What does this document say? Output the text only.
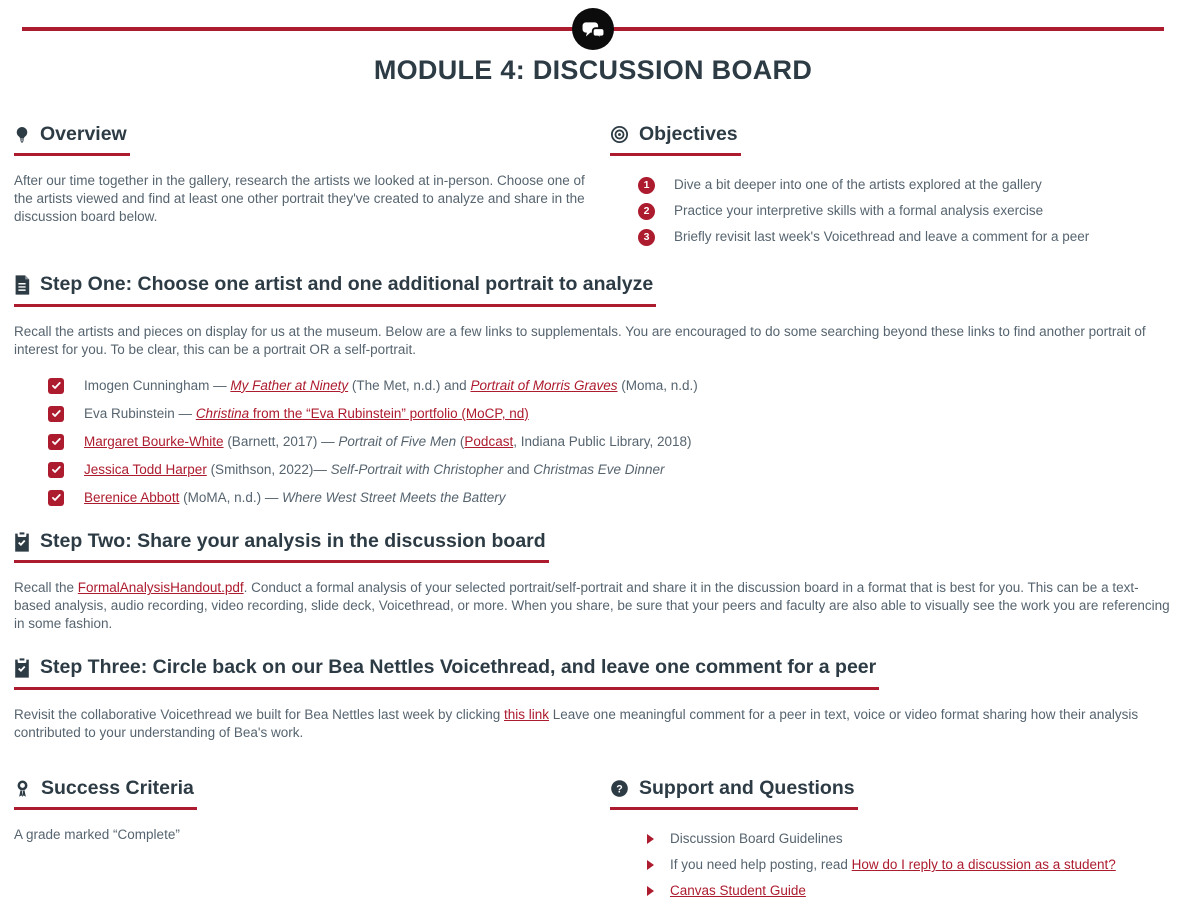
MODULE 4: DISCUSSION BOARD
Overview

After our time together in the gallery, research the artists we looked at in-person. Choose one of the artists viewed and find at least one other portrait they've created to analyze and share in the discussion board below.

Objectives
1	Dive a bit deeper into one of the artists explored at the gallery
2	Practice your interpretive skills with a formal analysis exercise
3	Briefly revisit last week's Voicethread and leave a comment for a peer
Step One: Choose one artist and one additional portrait to analyze

Recall the artists and pieces on display for us at the museum. Below are a few links to supplementals. You are encouraged to do some searching beyond these links to find another portrait of interest for you. To be clear, this can be a portrait OR a self-portrait.

Imogen Cunningham — My Father at Ninety (The Met, n.d.) and Portrait of Morris Graves (Moma, n.d.)
Eva Rubinstein — Christina from the “Eva Rubinstein” portfolio (MoCP, nd)
Margaret Bourke-White (Barnett, 2017) — Portrait of Five Men (Podcast, Indiana Public Library, 2018)
Jessica Todd Harper (Smithson, 2022)— Self-Portrait with Christopher and Christmas Eve Dinner
Berenice Abbott (MoMA, n.d.) — Where West Street Meets the Battery
Step Two: Share your analysis in the discussion board

Recall the FormalAnalysisHandout.pdf. Conduct a formal analysis of your selected portrait/self-portrait and share it in the discussion board in a format that is best for you. This can be a text-based analysis, audio recording, video recording, slide deck, Voicethread, or more. When you share, be sure that your peers and faculty are also able to visually see the work you are referencing in some fashion.

Step Three: Circle back on our Bea Nettles Voicethread, and leave one comment for a peer

Revisit the collaborative Voicethread we built for Bea Nettles last week by clicking this link Leave one meaningful comment for a peer in text, voice or video format sharing how their analysis contributed to your understanding of Bea's work.

Success Criteria

A grade marked “Complete”

? Support and Questions
Discussion Board Guidelines
If you need help posting, read How do I reply to a discussion as a student?
Canvas Student Guide
